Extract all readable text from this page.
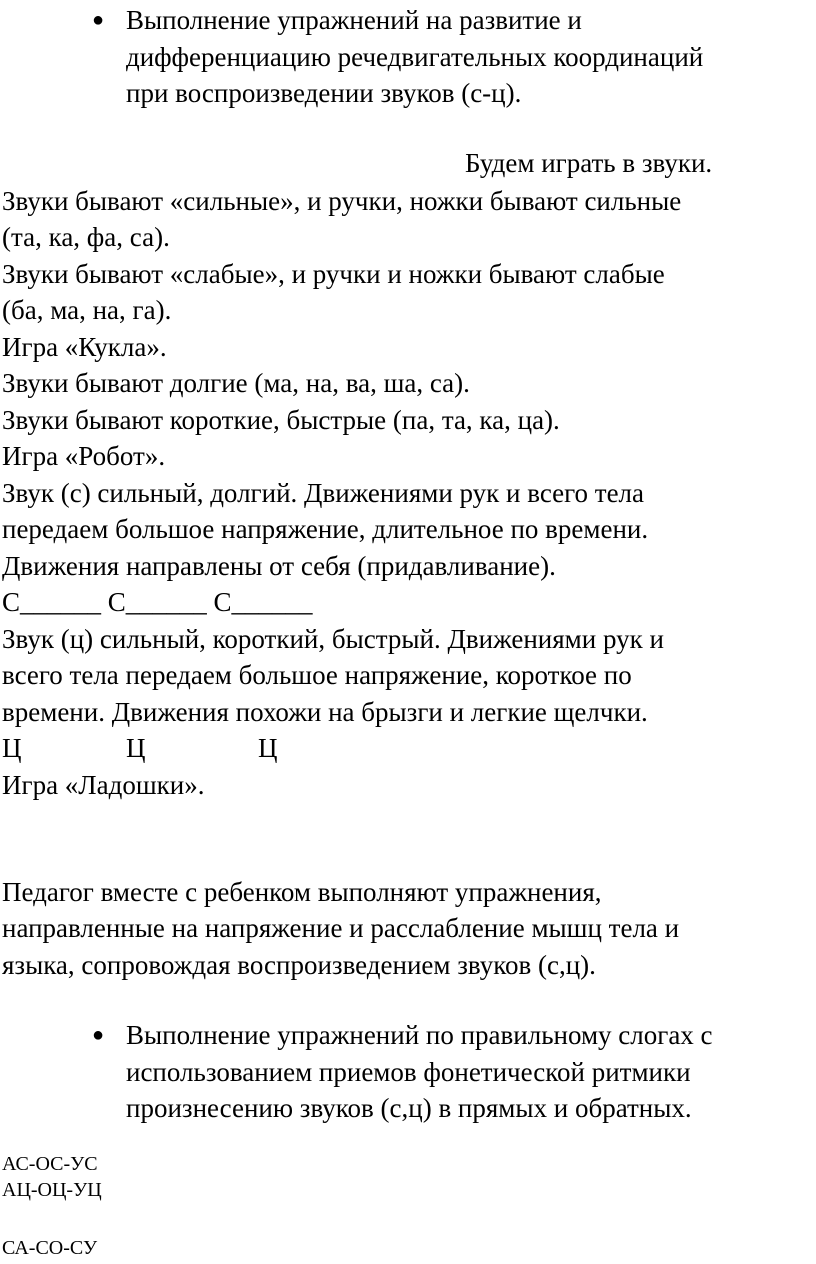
● Выполнение упражнений на развитие и
дифференциацию речедвигательных координаций
при воспроизведении звуков (с-ц).
Будем играть в звуки.
Звуки бывают «сильные», и ручки, ножки бывают сильные
(та, ка, фа, са).
Звуки бывают «слабые», и ручки и ножки бывают слабые
(ба, ма, на, га).
Игра «Кукла».
Звуки бывают долгие (ма, на, ва, ша, са).
Звуки бывают короткие, быстрые (па, та, ка, ца).
Игра «Робот».
Звук (с) сильный, долгий. Движениями рук и всего тела
передаем большое напряжение, длительное по времени.
Движения направлены от себя (придавливание).
С______ С______ С______
Звук (ц) сильный, короткий, быстрый. Движениями рук и
всего тела передаем большое напряжение, короткое по
времени. Движения похожи на брызги и легкие щелчки.
Ц	Ц	Ц
Игра «Ладошки».
Педагог вместе с ребенком выполняют упражнения,
направленные на напряжение и расслабление мышц тела и
языка, сопровождая воспроизведением звуков (с,ц).
● Выполнение упражнений по правильному слогах с
использованием приемов фонетической ритмики
произнесению звуков (с,ц) в прямых и обратных.
АС-ОС-УС
АЦ-ОЦ-УЦ
СА-СО-СУ
